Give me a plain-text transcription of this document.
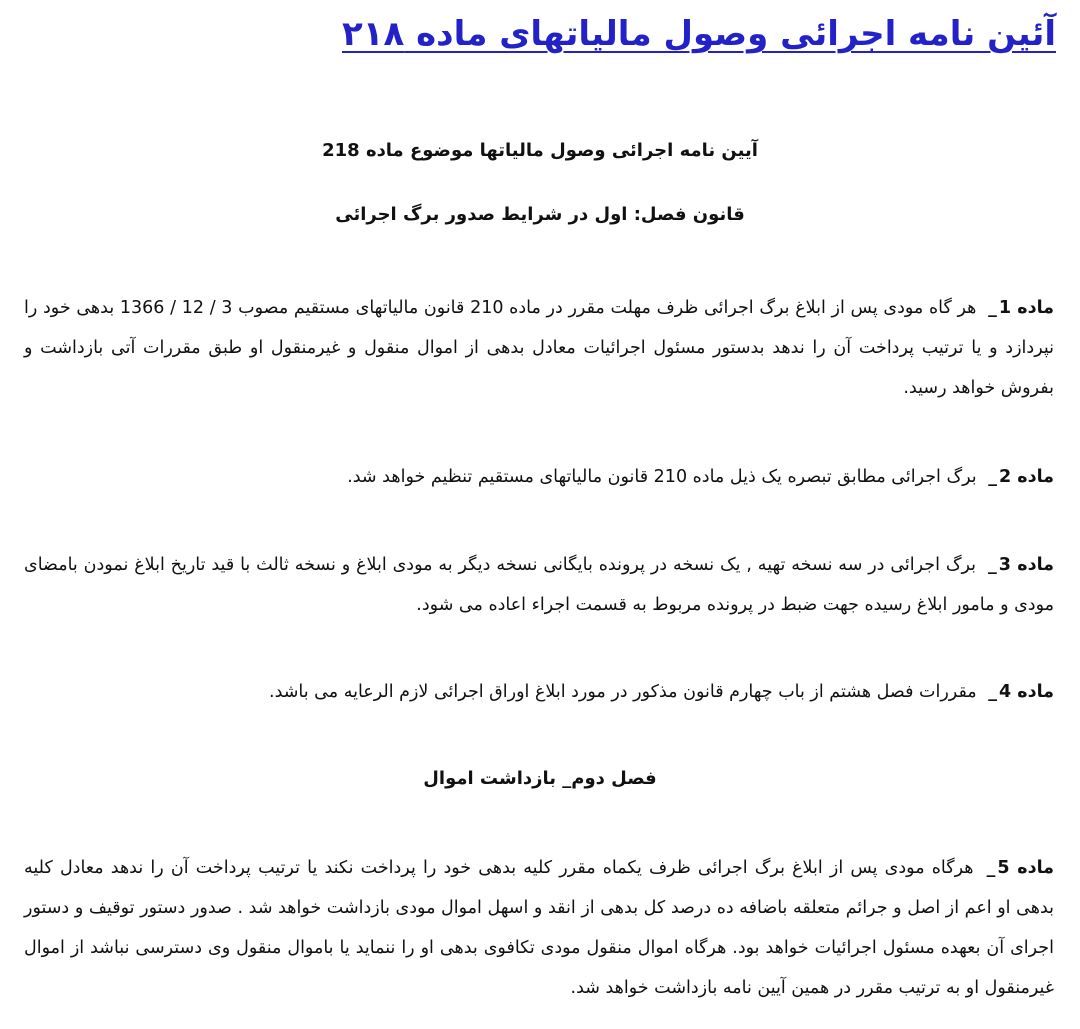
آئین نامه اجرائی وصول مالیاتهای ماده ۲۱۸

آیین نامه اجرائی وصول مالیاتها موضوع ماده 218

قانون فصل: اول در شرایط صدور برگ اجرائی

ماده 1_ هر گاه مودی پس از ابلاغ برگ اجرائی ظرف مهلت مقرر در ماده 210 قانون مالیاتهای مستقیم مصوب 3 / 12 / 1366 بدهی خود را نپردازد و یا ترتیب پرداخت آن را ندهد بدستور مسئول اجرائیات معادل بدهی از اموال منقول و غیرمنقول او طبق مقررات آتی بازداشت و بفروش خواهد رسید.

ماده 2_ برگ اجرائی مطابق تبصره یک ذیل ماده 210 قانون مالیاتهای مستقیم تنظیم خواهد شد.

ماده 3_ برگ اجرائی در سه نسخه تهیه , یک نسخه در پرونده بایگانی نسخه دیگر به مودی ابلاغ و نسخه ثالث با قید تاریخ ابلاغ نمودن بامضای مودی و مامور ابلاغ رسیده جهت ضبط در پرونده مربوط به قسمت اجراء اعاده می شود.

ماده 4_ مقررات فصل هشتم از باب چهارم قانون مذکور در مورد ابلاغ اوراق اجرائی لازم الرعایه می باشد.

فصل دوم_ بازداشت اموال

ماده 5_ هرگاه مودی پس از ابلاغ برگ اجرائی ظرف یکماه مقرر کلیه بدهی خود را پرداخت نکند یا ترتیب پرداخت آن را ندهد معادل کلیه بدهی او اعم از اصل و جرائم متعلقه باضافه ده درصد کل بدهی از انقد و اسهل اموال مودی بازداشت خواهد شد . صدور دستور توقیف و دستور اجرای آن بعهده مسئول اجرائیات خواهد بود. هرگاه اموال منقول مودی تکافوی بدهی او را ننماید یا باموال منقول وی دسترسی نباشد از اموال غیرمنقول او به ترتیب مقرر در همین آیین نامه بازداشت خواهد شد.
